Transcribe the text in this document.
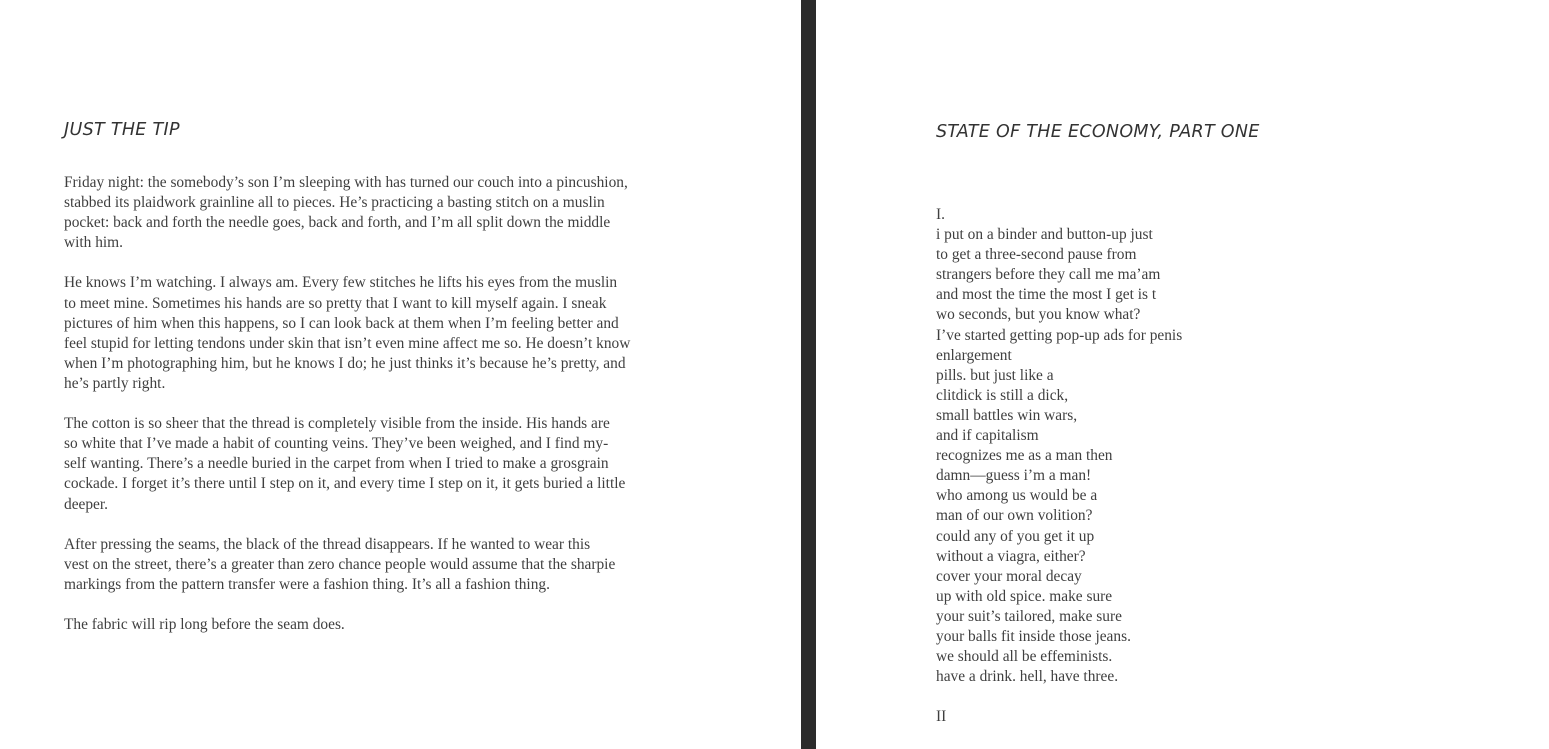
JUST THE TIP

Friday night: the somebody’s son I’m sleeping with has turned our couch into a pincushion,
stabbed its plaidwork grainline all to pieces. He’s practicing a basting stitch on a muslin
pocket: back and forth the needle goes, back and forth, and I’m all split down the middle
with him.

He knows I’m watching. I always am. Every few stitches he lifts his eyes from the muslin
to meet mine. Sometimes his hands are so pretty that I want to kill myself again. I sneak
pictures of him when this happens, so I can look back at them when I’m feeling better and
feel stupid for letting tendons under skin that isn’t even mine affect me so. He doesn’t know
when I’m photographing him, but he knows I do; he just thinks it’s because he’s pretty, and
he’s partly right.

The cotton is so sheer that the thread is completely visible from the inside. His hands are
so white that I’ve made a habit of counting veins. They’ve been weighed, and I find my-
self wanting. There’s a needle buried in the carpet from when I tried to make a grosgrain
cockade. I forget it’s there until I step on it, and every time I step on it, it gets buried a little
deeper.

After pressing the seams, the black of the thread disappears. If he wanted to wear this
vest on the street, there’s a greater than zero chance people would assume that the sharpie
markings from the pattern transfer were a fashion thing. It’s all a fashion thing.

The fabric will rip long before the seam does.

STATE OF THE ECONOMY, PART ONE
I.
i put on a binder and button-up just
to get a three-second pause from
strangers before they call me ma’am
and most the time the most I get is t
wo seconds, but you know what?
I’ve started getting pop-up ads for penis
enlargement
pills. but just like a
clitdick is still a dick,
small battles win wars,
and if capitalism
recognizes me as a man then
damn—guess i’m a man!
who among us would be a
man of our own volition?
could any of you get it up
without a viagra, either?
cover your moral decay
up with old spice. make sure
your suit’s tailored, make sure
your balls fit inside those jeans.
we should all be effeminists.
have a drink. hell, have three.
II
